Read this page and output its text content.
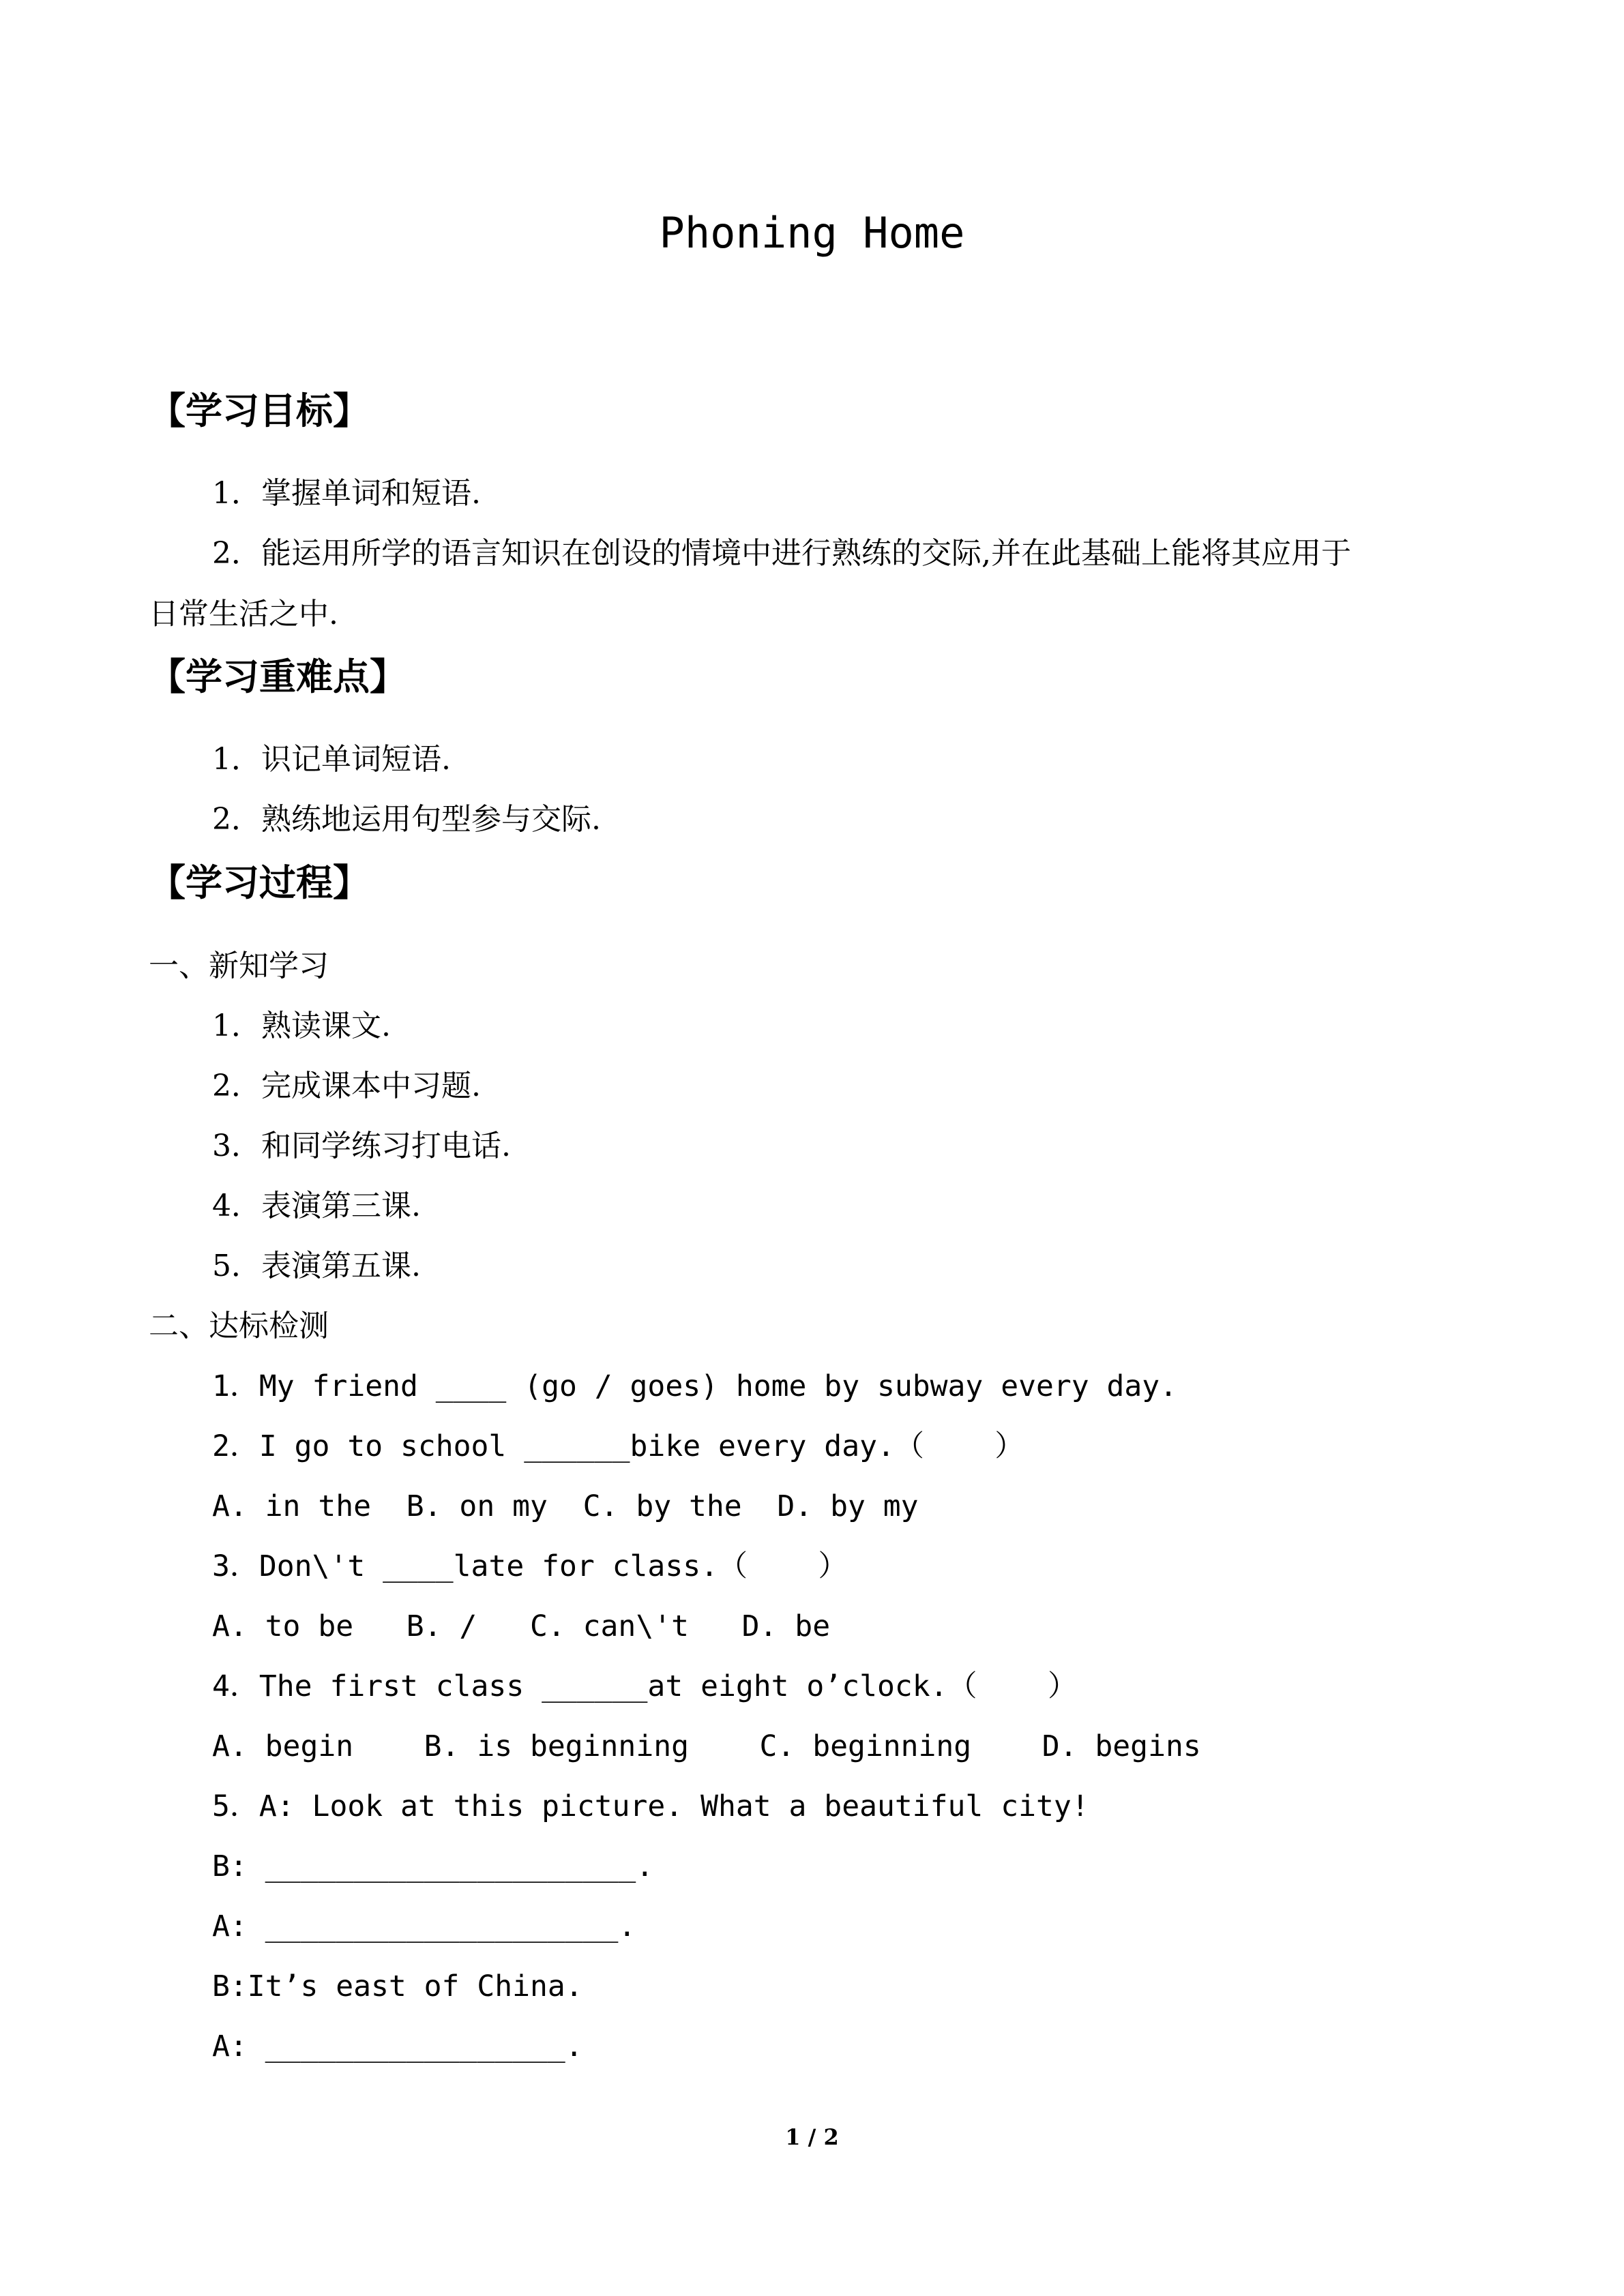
Phoning Home
【学习目标】
1．掌握单词和短语.
2．能运用所学的语言知识在创设的情境中进行熟练的交际,并在此基础上能将其应用于
日常生活之中.
【学习重难点】
1．识记单词短语.
2．熟练地运用句型参与交际.
【学习过程】
一、新知学习
1．熟读课文.
2．完成课本中习题.
3．和同学练习打电话.
4．表演第三课.
5．表演第五课.
二、达标检测
1．My friend ____ (go / goes) home by subway every day.
2．I go to school ______bike every day.（    ）
A. in the  B. on my  C. by the  D. by my
3．Don\'t ____late for class.（    ）
A. to be   B. /   C. can\'t   D. be
4．The first class ______at eight o’clock.（    ）
A. begin    B. is beginning    C. beginning    D. begins
5．A: Look at this picture. What a beautiful city!
B: _____________________.
A: ____________________.
B:It’s east of China.
A: _________________.
1 / 2
